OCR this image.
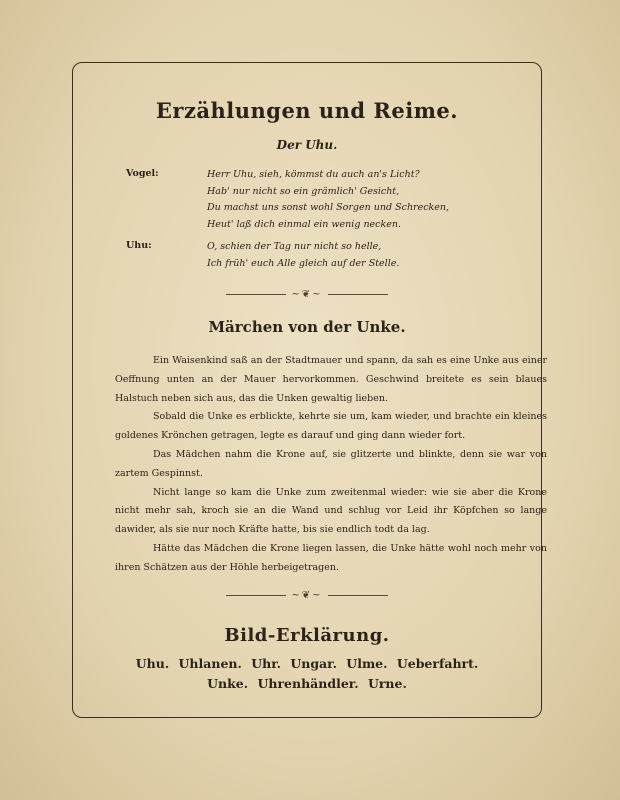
Erzählungen und Reime.
Der Uhu.
Vogel:	Herr Uhu, sieh, kömmst du auch an's Licht?
Hab' nur nicht so ein grämlich' Gesicht,
Du machst uns sonst wohl Sorgen und Schrecken,
Heut' laß dich einmal ein wenig necken.
Uhu:	O, schien der Tag nur nicht so helle,
Ich früh' euch Alle gleich auf der Stelle.
~❦~
Märchen von der Unke.

Ein Waisenkind saß an der Stadtmauer und spann, da sah es eine Unke aus einer Oeffnung unten an der Mauer hervorkommen. Geschwind breitete es sein blaues Halstuch neben sich aus, das die Unken gewaltig lieben.

Sobald die Unke es erblickte, kehrte sie um, kam wieder, und brachte ein kleines goldenes Krönchen getragen, legte es darauf und ging dann wieder fort.

Das Mädchen nahm die Krone auf, sie glitzerte und blinkte, denn sie war von zartem Gespinnst.

Nicht lange so kam die Unke zum zweitenmal wieder: wie sie aber die Krone nicht mehr sah, kroch sie an die Wand und schlug vor Leid ihr Köpfchen so lange dawider, als sie nur noch Kräfte hatte, bis sie endlich todt da lag.

Hätte das Mädchen die Krone liegen lassen, die Unke hätte wohl noch mehr von ihren Schätzen aus der Höhle herbeigetragen.

~❦~
Bild-Erklärung.
Uhu. Uhlanen. Uhr. Ungar. Ulme. Ueberfahrt.
Unke. Uhrenhändler. Urne.
